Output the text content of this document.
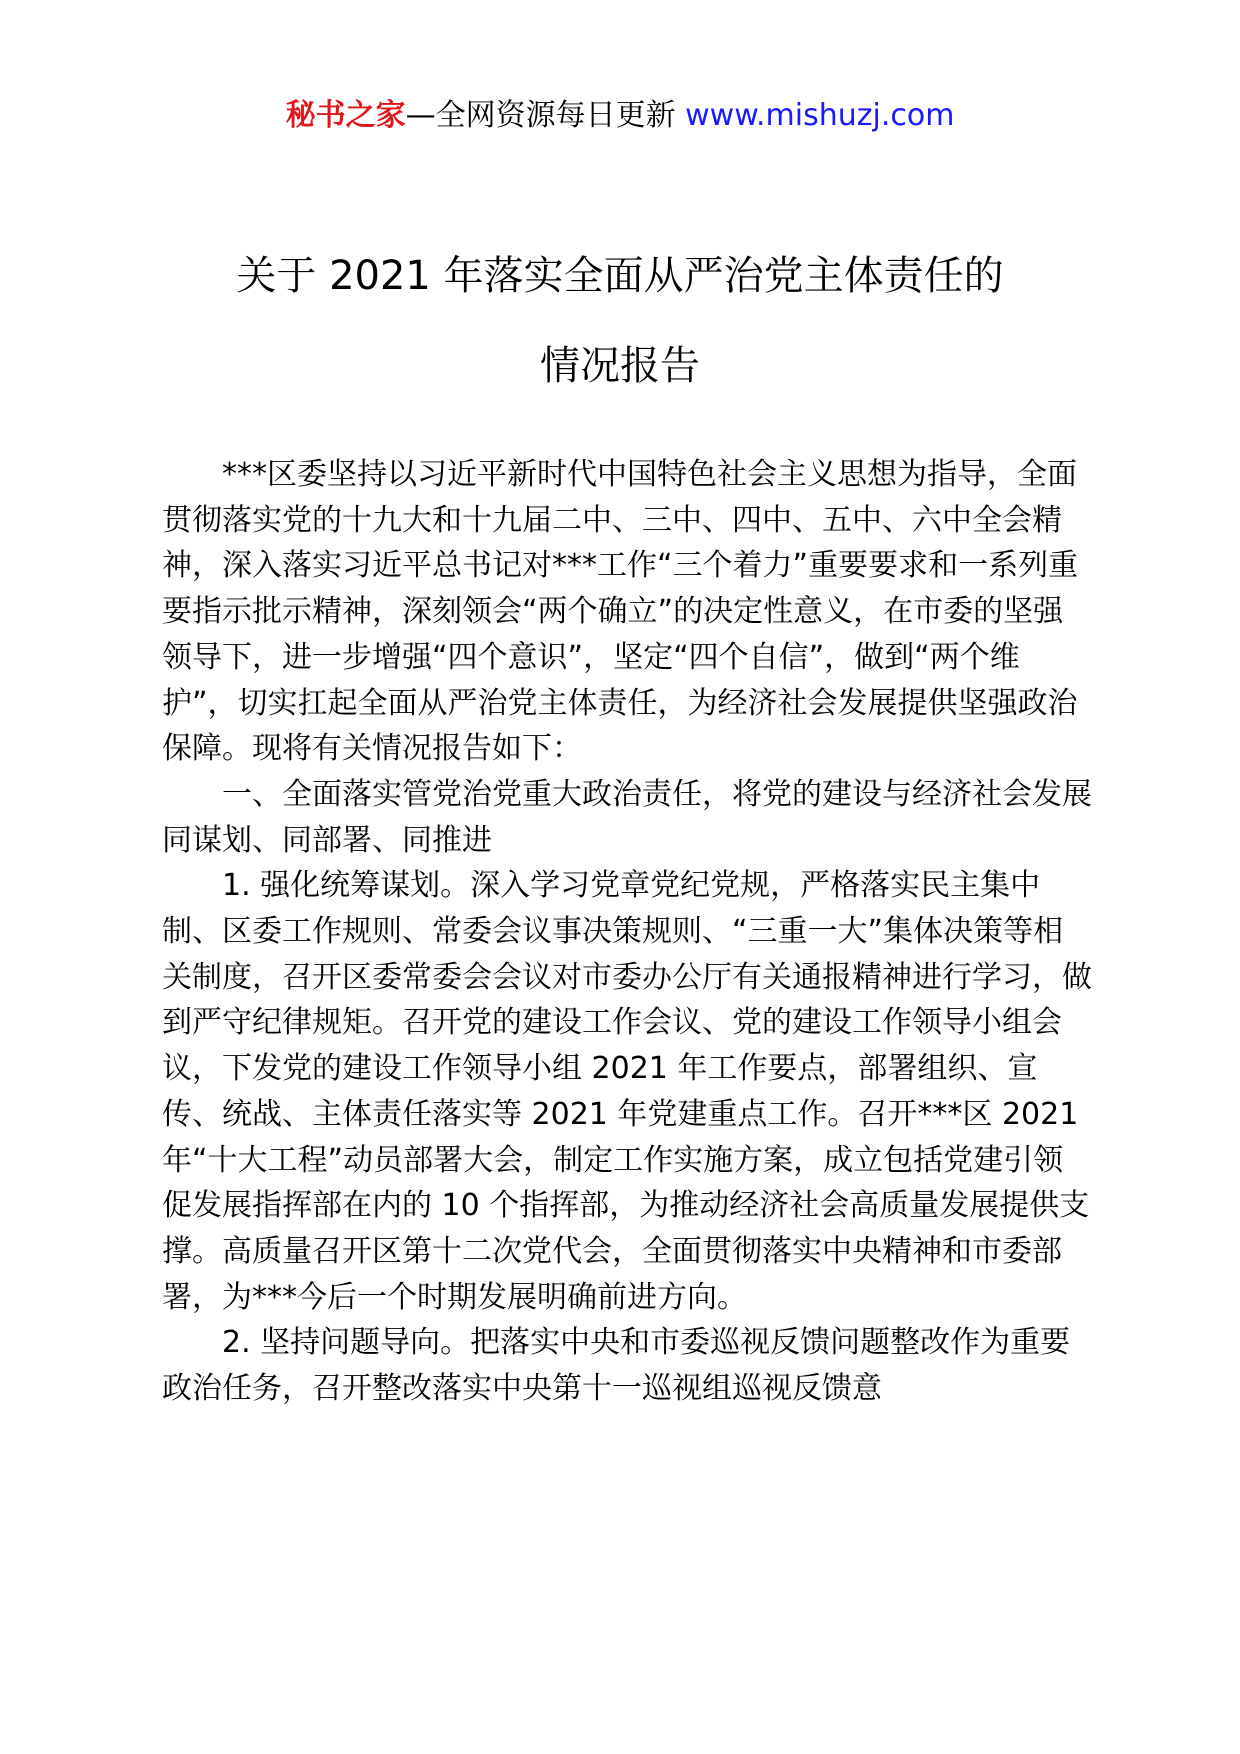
秘书之家—全网资源每日更新 www.mishuzj.com
关于 2021 年落实全面从严治党主体责任的
情况报告

***区委坚持以习近平新时代中国特色社会主义思想为指导，全面贯彻落实党的十九大和十九届二中、三中、四中、五中、六中全会精神，深入落实习近平总书记对***工作“三个着力”重要要求和一系列重要指示批示精神，深刻领会“两个确立”的决定性意义，在市委的坚强领导下，进一步增强“四个意识”，坚定“四个自信”，做到“两个维护”，切实扛起全面从严治党主体责任，为经济社会发展提供坚强政治保障。现将有关情况报告如下：

一、全面落实管党治党重大政治责任，将党的建设与经济社会发展同谋划、同部署、同推进

1. 强化统筹谋划。深入学习党章党纪党规，严格落实民主集中制、区委工作规则、常委会议事决策规则、“三重一大”集体决策等相关制度，召开区委常委会会议对市委办公厅有关通报精神进行学习，做到严守纪律规矩。召开党的建设工作会议、党的建设工作领导小组会议，下发党的建设工作领导小组 2021 年工作要点，部署组织、宣传、统战、主体责任落实等 2021 年党建重点工作。召开***区 2021 年“十大工程”动员部署大会，制定工作实施方案，成立包括党建引领促发展指挥部在内的 10 个指挥部，为推动经济社会高质量发展提供支撑。高质量召开区第十二次党代会，全面贯彻落实中央精神和市委部署，为***今后一个时期发展明确前进方向。

2. 坚持问题导向。把落实中央和市委巡视反馈问题整改作为重要政治任务，召开整改落实中央第十一巡视组巡视反馈意
